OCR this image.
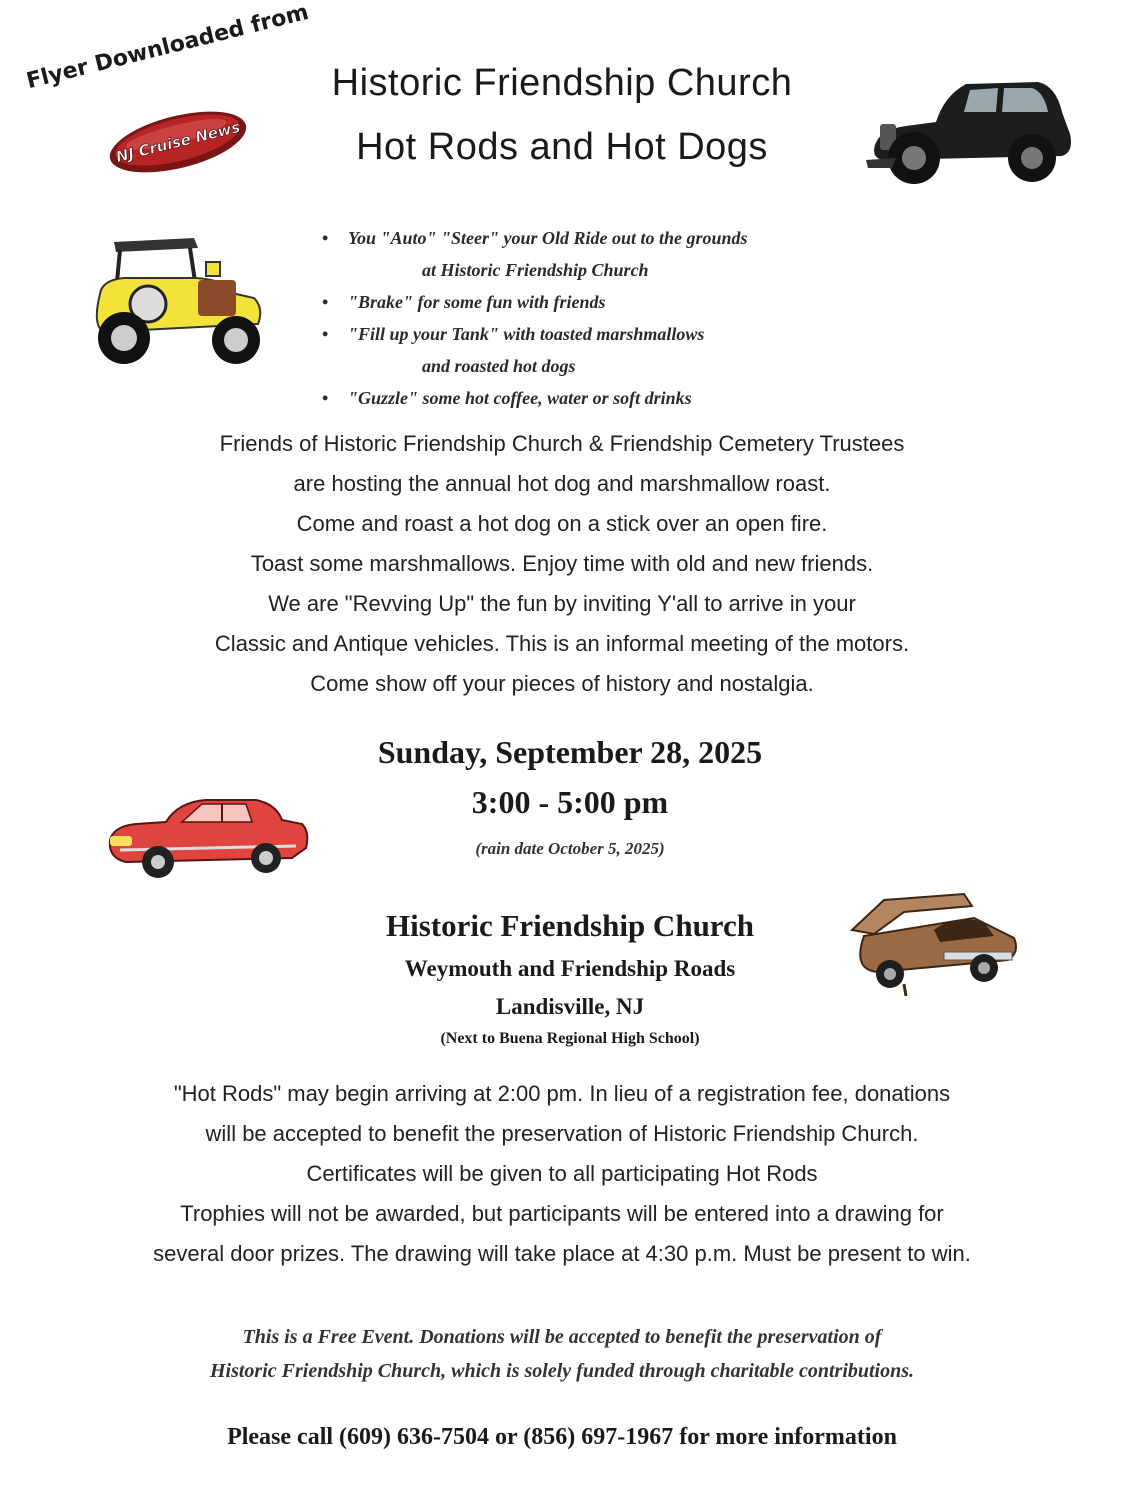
Flyer Downloaded from
NJ Cruise News
Historic Friendship Church
Hot Rods and Hot Dogs
• You "Auto" "Steer" your Old Ride out to the grounds
at Historic Friendship Church
• "Brake" for some fun with friends
• "Fill up your Tank" with toasted marshmallows
and roasted hot dogs
• "Guzzle" some hot coffee, water or soft drinks
Friends of Historic Friendship Church & Friendship Cemetery Trustees
are hosting the annual hot dog and marshmallow roast.
Come and roast a hot dog on a stick over an open fire.
Toast some marshmallows. Enjoy time with old and new friends.
We are "Revving Up" the fun by inviting Y'all to arrive in your
Classic and Antique vehicles. This is an informal meeting of the motors.
Come show off your pieces of history and nostalgia.
Sunday, September 28, 2025
3:00 - 5:00 pm
(rain date October 5, 2025)
Historic Friendship Church
Weymouth and Friendship Roads
Landisville, NJ
(Next to Buena Regional High School)
"Hot Rods" may begin arriving at 2:00 pm. In lieu of a registration fee, donations
will be accepted to benefit the preservation of Historic Friendship Church.
Certificates will be given to all participating Hot Rods
Trophies will not be awarded, but participants will be entered into a drawing for
several door prizes. The drawing will take place at 4:30 p.m. Must be present to win.
This is a Free Event. Donations will be accepted to benefit the preservation of
Historic Friendship Church, which is solely funded through charitable contributions.
Please call (609) 636-7504 or (856) 697-1967 for more information
